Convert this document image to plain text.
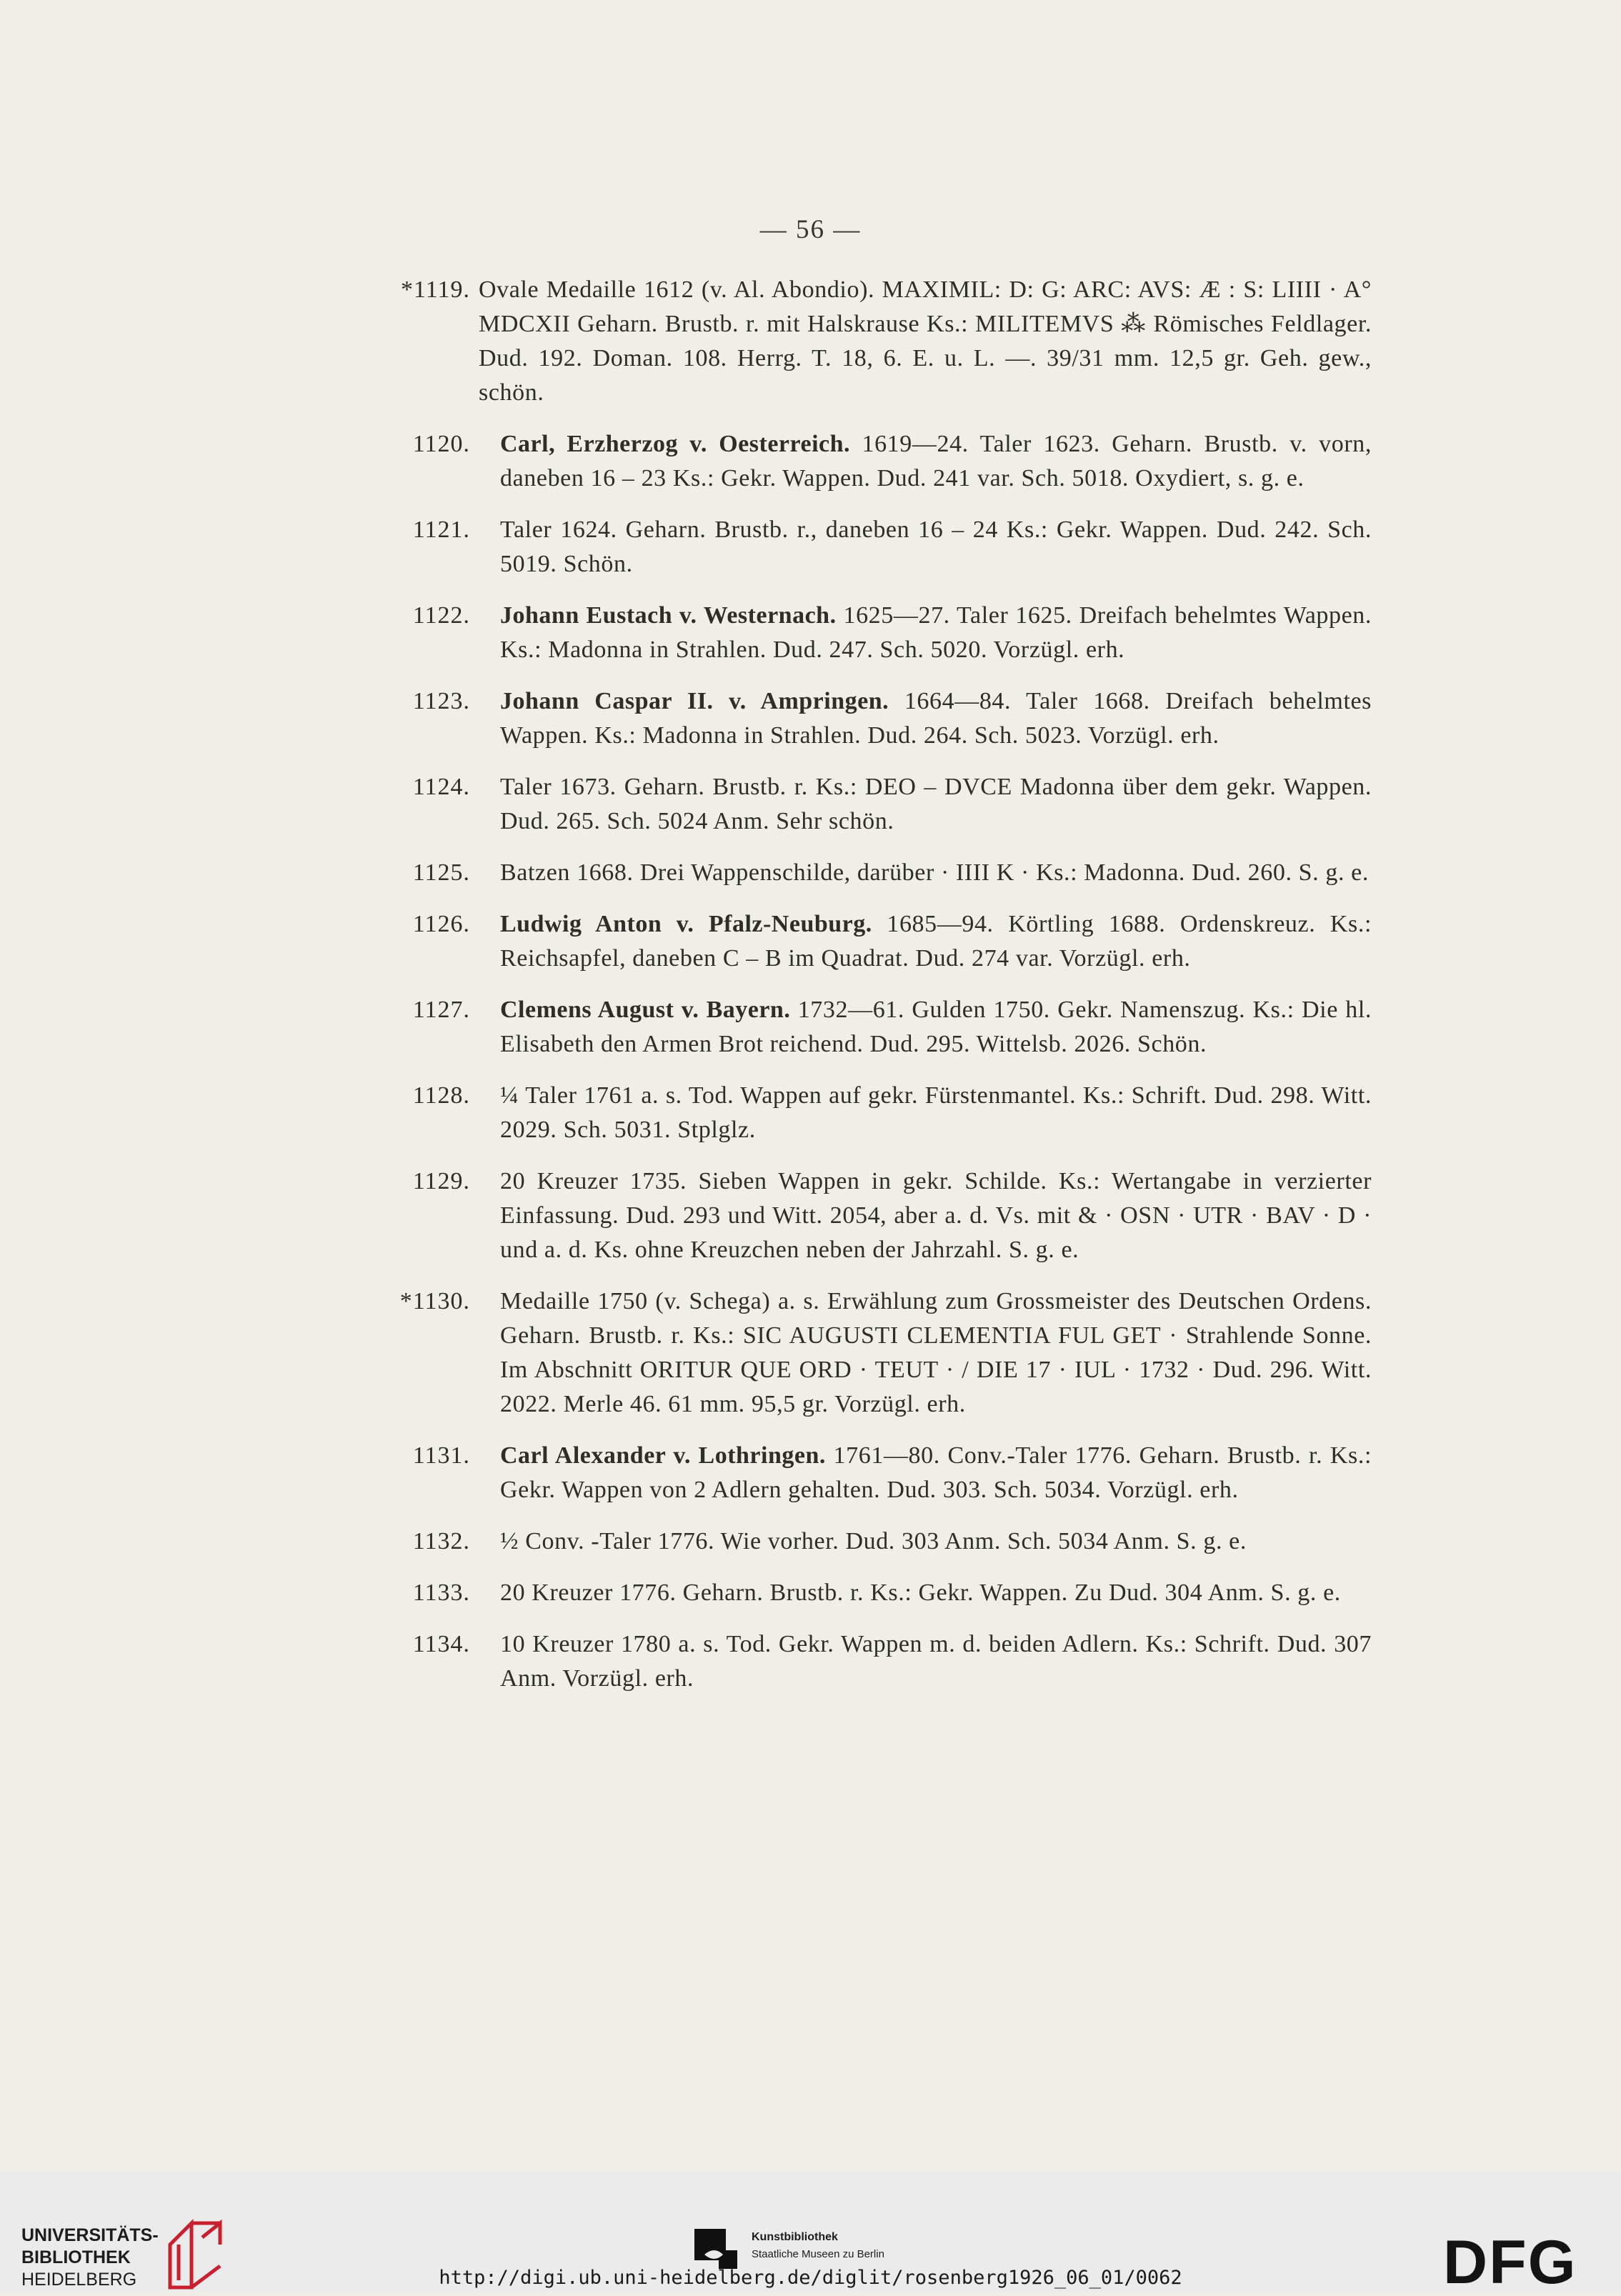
— 56 —
*1119. Ovale Medaille 1612 (v. Al. Abondio). MAXIMIL: D: G: ARC: AVS: Æ : S: LIIII · A° MDCXII Geharn. Brustb. r. mit Halskrause Ks.: MILITEMVS ⁂ Römisches Feldlager. Dud. 192. Doman. 108. Herrg. T. 18, 6. E. u. L. —. 39/31 mm. 12,5 gr. Geh. gew., schön.
1120. Carl, Erzherzog v. Oesterreich. 1619—24. Taler 1623. Geharn. Brustb. v. vorn, daneben 16 – 23 Ks.: Gekr. Wappen. Dud. 241 var. Sch. 5018. Oxydiert, s. g. e.
1121. Taler 1624. Geharn. Brustb. r., daneben 16 – 24 Ks.: Gekr. Wappen. Dud. 242. Sch. 5019. Schön.
1122. Johann Eustach v. Westernach. 1625—27. Taler 1625. Dreifach behelmtes Wappen. Ks.: Madonna in Strahlen. Dud. 247. Sch. 5020. Vorzügl. erh.
1123. Johann Caspar II. v. Ampringen. 1664—84. Taler 1668. Dreifach behelmtes Wappen. Ks.: Madonna in Strahlen. Dud. 264. Sch. 5023. Vorzügl. erh.
1124. Taler 1673. Geharn. Brustb. r. Ks.: DEO – DVCE Madonna über dem gekr. Wappen. Dud. 265. Sch. 5024 Anm. Sehr schön.
1125. Batzen 1668. Drei Wappenschilde, darüber · IIII K · Ks.: Madonna. Dud. 260. S. g. e.
1126. Ludwig Anton v. Pfalz-Neuburg. 1685—94. Körtling 1688. Ordenskreuz. Ks.: Reichsapfel, daneben C – B im Quadrat. Dud. 274 var. Vorzügl. erh.
1127. Clemens August v. Bayern. 1732—61. Gulden 1750. Gekr. Namenszug. Ks.: Die hl. Elisabeth den Armen Brot reichend. Dud. 295. Wittelsb. 2026. Schön.
1128. ¼ Taler 1761 a. s. Tod. Wappen auf gekr. Fürstenmantel. Ks.: Schrift. Dud. 298. Witt. 2029. Sch. 5031. Stplglz.
1129. 20 Kreuzer 1735. Sieben Wappen in gekr. Schilde. Ks.: Wertangabe in verzierter Einfassung. Dud. 293 und Witt. 2054, aber a. d. Vs. mit & · OSN · UTR · BAV · D · und a. d. Ks. ohne Kreuzchen neben der Jahrzahl. S. g. e.
*1130. Medaille 1750 (v. Schega) a. s. Erwählung zum Grossmeister des Deutschen Ordens. Geharn. Brustb. r. Ks.: SIC AUGUSTI CLEMENTIA FUL GET · Strahlende Sonne. Im Abschnitt ORITUR QUE ORD · TEUT · / DIE 17 · IUL · 1732 · Dud. 296. Witt. 2022. Merle 46. 61 mm. 95,5 gr. Vorzügl. erh.
1131. Carl Alexander v. Lothringen. 1761—80. Conv.-Taler 1776. Geharn. Brustb. r. Ks.: Gekr. Wappen von 2 Adlern gehalten. Dud. 303. Sch. 5034. Vorzügl. erh.
1132. ½ Conv. -Taler 1776. Wie vorher. Dud. 303 Anm. Sch. 5034 Anm. S. g. e.
1133. 20 Kreuzer 1776. Geharn. Brustb. r. Ks.: Gekr. Wappen. Zu Dud. 304 Anm. S. g. e.
1134. 10 Kreuzer 1780 a. s. Tod. Gekr. Wappen m. d. beiden Adlern. Ks.: Schrift. Dud. 307 Anm. Vorzügl. erh.
UNIVERSITÄTS-
BIBLIOTHEK
HEIDELBERG
Kunstbibliothek
Staatliche Museen zu Berlin	DFG
http://digi.ub.uni-heidelberg.de/diglit/rosenberg1926_06_01/0062
